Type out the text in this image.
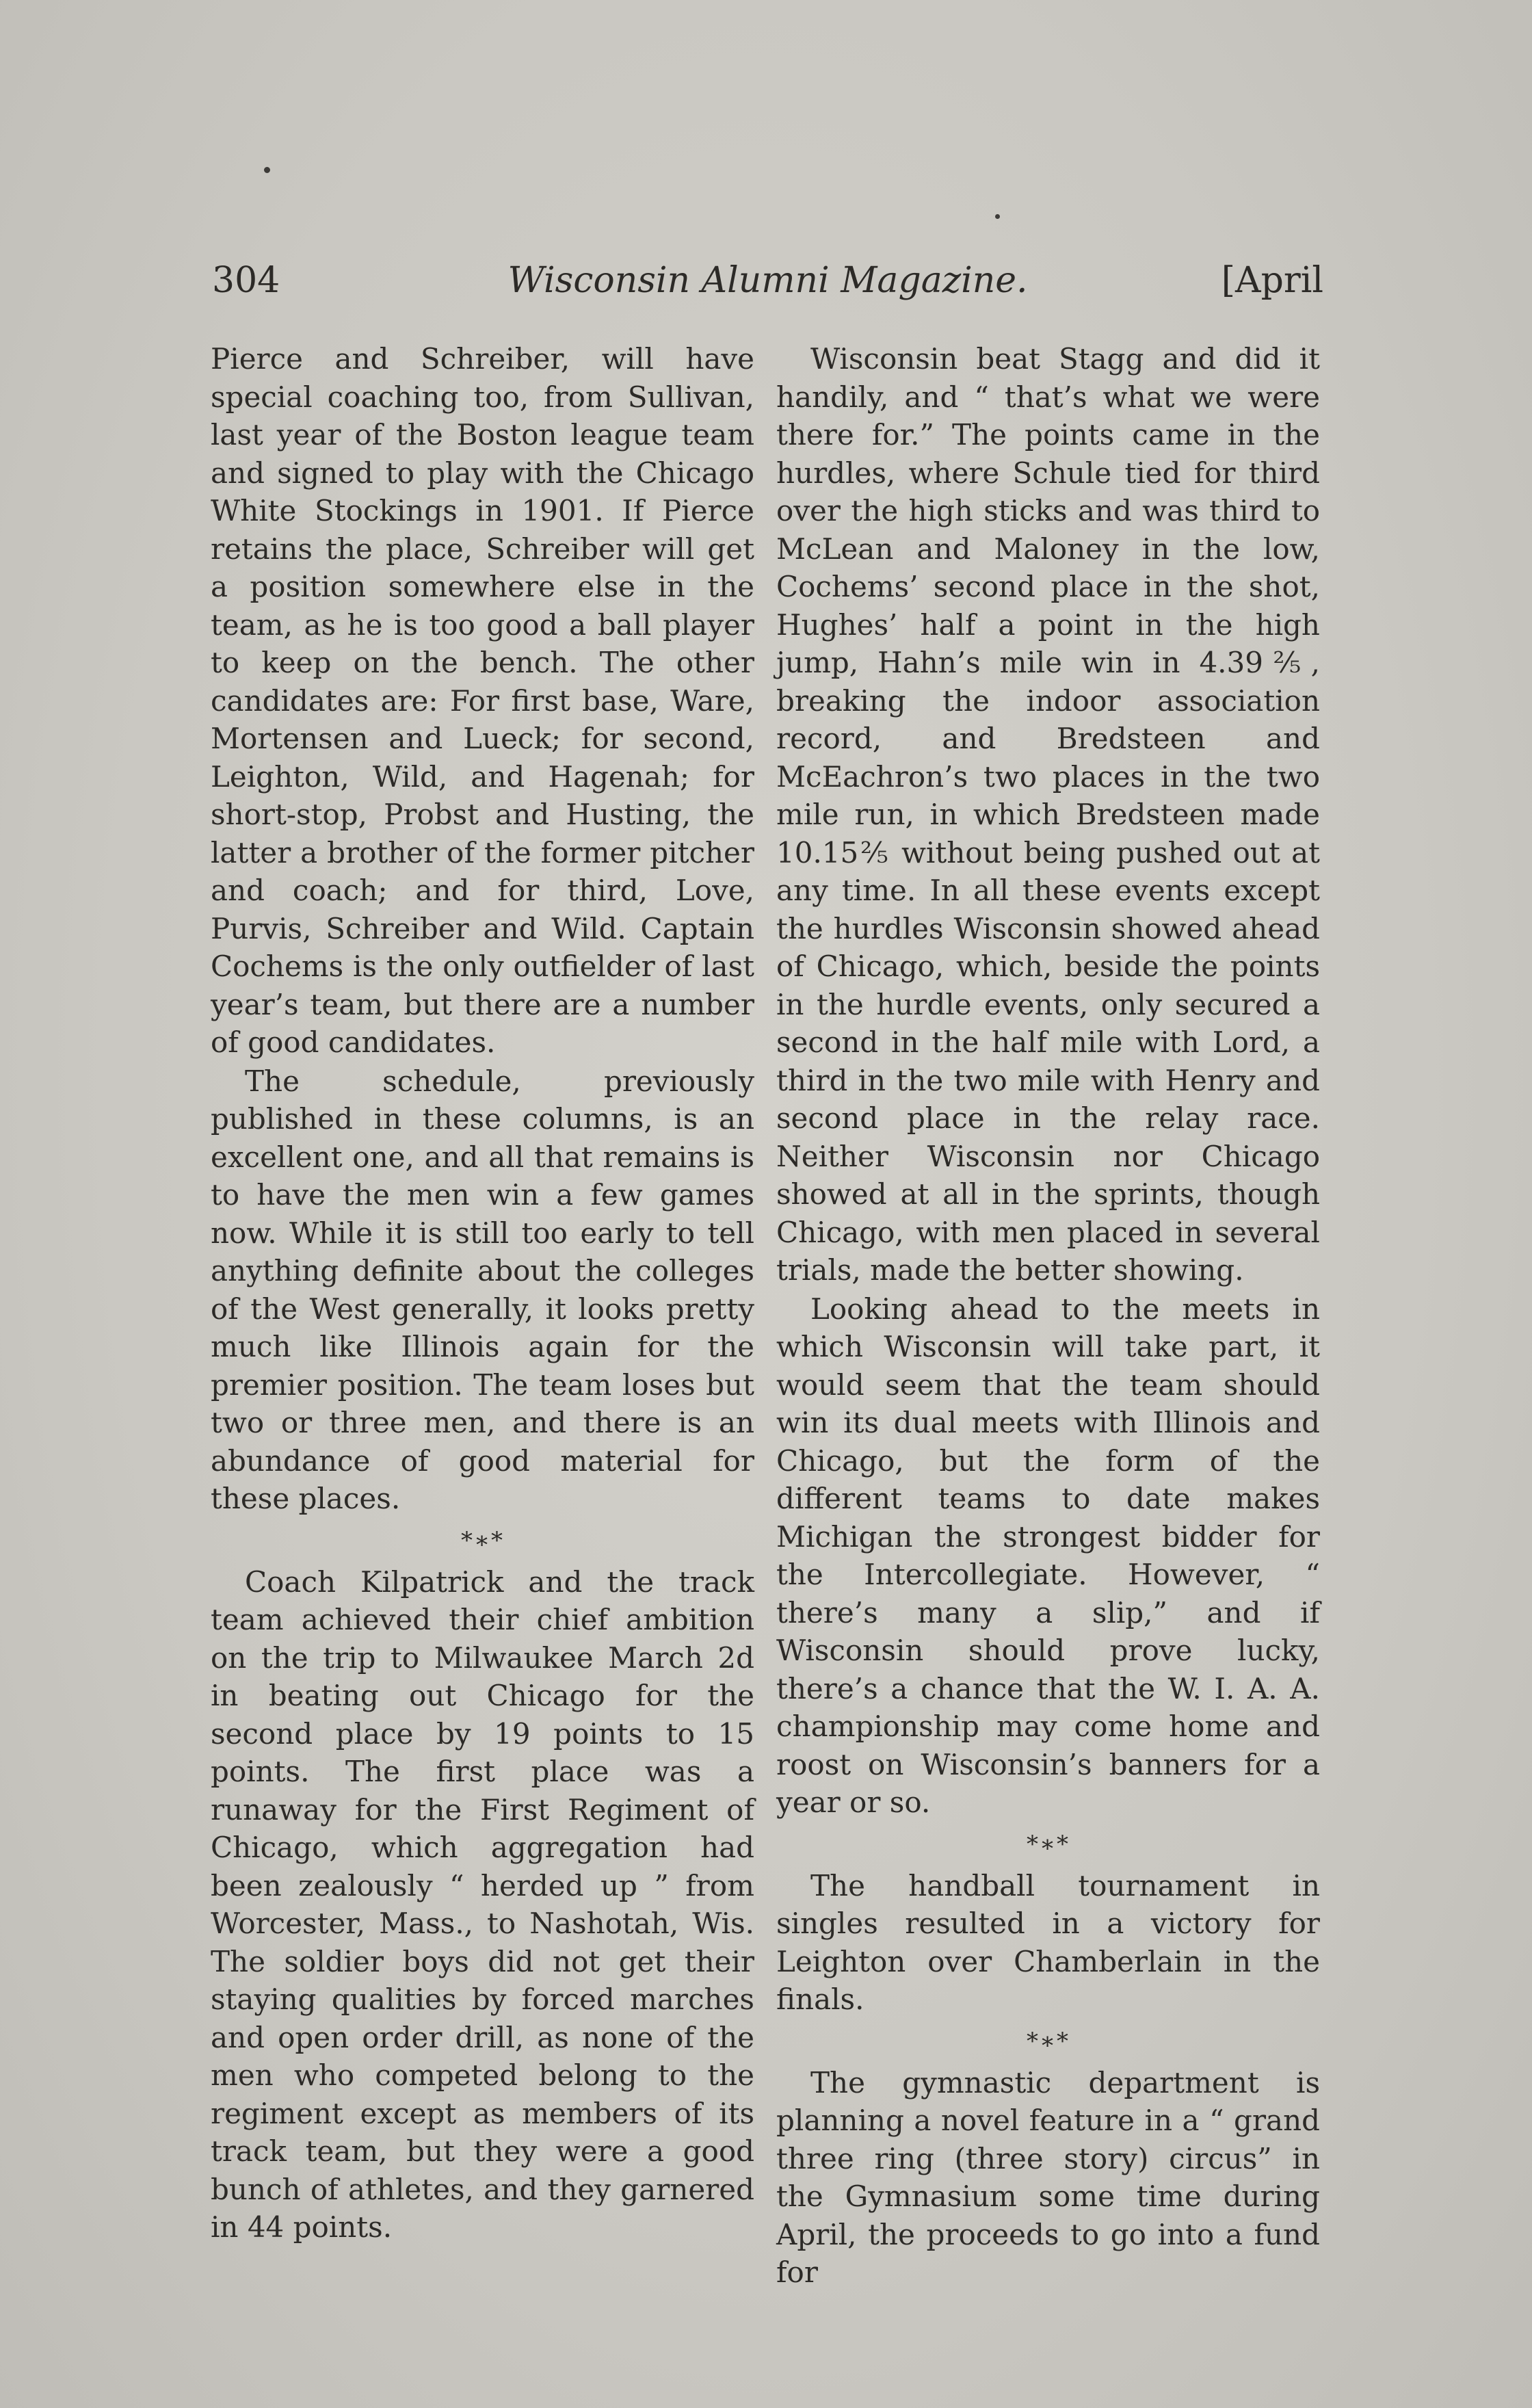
304	Wisconsin Alumni Magazine.	[April

Pierce and Schreiber, will have special coaching too, from Sullivan, last year of the Boston league team and signed to play with the Chicago White Stockings in 1901. If Pierce retains the place, Schreiber will get a position somewhere else in the team, as he is too good a ball player to keep on the bench. The other candidates are: For first base, Ware, Mortensen and Lueck; for second, Leighton, Wild, and Hagenah; for short-stop, Probst and Husting, the latter a brother of the former pitcher and coach; and for third, Love, Purvis, Schreiber and Wild. Captain Cochems is the only outfielder of last year’s team, but there are a number of good candidates.

The schedule, previously published in these columns, is an excellent one, and all that remains is to have the men win a few games now. While it is still too early to tell anything definite about the colleges of the West generally, it looks pretty much like Illinois again for the premier position. The team loses but two or three men, and there is an abundance of good material for these places.

*∗*

Coach Kilpatrick and the track team achieved their chief ambition on the trip to Milwaukee March 2d in beating out Chicago for the second place by 19 points to 15 points. The first place was a runaway for the First Regiment of Chicago, which aggregation had been zealously “ herded up ” from Worcester, Mass., to Nashotah, Wis. The soldier boys did not get their staying qualities by forced marches and open order drill, as none of the men who competed belong to the regiment except as members of its track team, but they were a good bunch of athletes, and they garnered in 44 points.

Wisconsin beat Stagg and did it handily, and “ that’s what we were there for.” The points came in the hurdles, where Schule tied for third over the high sticks and was third to McLean and Maloney in the low, Cochems’ second place in the shot, Hughes’ half a point in the high jump, Hahn’s mile win in 4.39⅖, breaking the indoor association record, and Bredsteen and McEachron’s two places in the two mile run, in which Bredsteen made 10.15⅖ without being pushed out at any time. In all these events except the hurdles Wisconsin showed ahead of Chicago, which, beside the points in the hurdle events, only secured a second in the half mile with Lord, a third in the two mile with Henry and second place in the relay race. Neither Wisconsin nor Chicago showed at all in the sprints, though Chicago, with men placed in several trials, made the better showing.

Looking ahead to the meets in which Wisconsin will take part, it would seem that the team should win its dual meets with Illinois and Chicago, but the form of the different teams to date makes Michigan the strongest bidder for the Intercollegiate. However, “ there’s many a slip,” and if Wisconsin should prove lucky, there’s a chance that the W. I. A. A. championship may come home and roost on Wisconsin’s banners for a year or so.

*∗*

The handball tournament in singles resulted in a victory for Leighton over Chamberlain in the finals.

*∗*

The gymnastic department is planning a novel feature in a “ grand three ring (three story) circus” in the Gymnasium some time during April, the proceeds to go into a fund for
